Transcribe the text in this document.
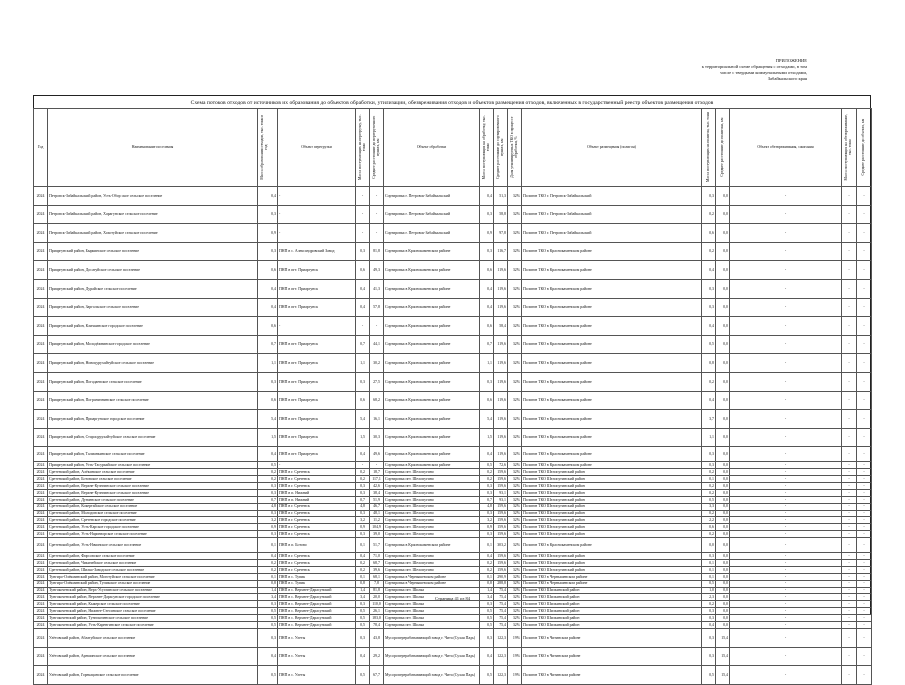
ПРИЛОЖЕНИЕ
к территориальной схеме обращения с отходами, в том
числе с твердыми коммунальными отходами,
Забайкальского края
Схема потоков отходов от источников их образования до объектов обработки, утилизации, обезвреживания отходов и объектов размещения отходов, включенных в государственный реестр объектов размещения отходов
Год	Наименование поселения	Масса образования отходов, тыс. тонн в год	Объект перегрузки	Масса поступающих на перегрузку, тыс. тонн	Среднее расстояние до перегрузочного пункта, км	Объект обработки	Масса поступающих на обработку, тыс. тонн	Среднее расстояние до сортировочного пункта, км	Доля утилизируемых ТКО в процессе обработки, %	Объект размещения (полигон)	Масса поступающих на полигон, тыс. тонн	Среднее расстояние до полигона, км	Объект обезвреживания, сжигания	Масса поступающих на обезвреживание, тыс. тонн	Среднее расстояние до объекта, км

2024	Петровск-Забайкальский район, Усть-Обор ское сельское поселение	0,4	-	-	-	Сортировка г. Петровск-Забайкальский	0,4	51,3	32%	Полигон ТКО г. Петровск-Забайкальский	0,3	0,0	-	-	-
2024	Петровск-Забайкальский район, Харагунское сельское поселение	0,3	-	-	-	Сортировка г. Петровск-Забайкальский	0,3	58,8	32%	Полигон ТКО г. Петровск-Забайкальский	0,2	0,0	-	-	-
2024	Петровск-Забайкальский район, Хохотуйское сельское поселение	0,9	-	-	-	Сортировка г. Петровск-Забайкальский	0,9	97,8	32%	Полигон ТКО г. Петровск-Забайкальский	0,6	0,0	-	-	-
2024	Приаргунский район, Быркинское сельское поселение	0,3	ПНП в с. Александровский Завод	0,3	81,8	Сортировка в Краснокаменском районе	0,3	116,7	32%	Полигон ТКО в Краснокаменском районе	0,2	0,0	-	-	-
2024	Приаргунский район, Досатуйское сельское поселение	0,6	ПНП в пгт. Приаргунск	0,6	49,3	Сортировка в Краснокаменском районе	0,6	119,6	32%	Полигон ТКО в Краснокаменском районе	0,4	0,0	-	-	-
2024	Приаргунский район, Дурайское сельское поселение	0,4	ПНП в пгт. Приаргунск	0,4	41,3	Сортировка в Краснокаменском районе	0,4	119,6	32%	Полигон ТКО в Краснокаменском районе	0,3	0,0	-	-	-
2024	Приаргунский район, Заргольское сельское поселение	0,4	ПНП в пгт. Приаргунск	0,4	57,8	Сортировка в Краснокаменском районе	0,4	119,6	32%	Полигон ТКО в Краснокаменском районе	0,3	0,0	-	-	-
2024	Приаргунский район, Кличкинское городское поселение	0,6	-	-	-	Сортировка в Краснокаменском районе	0,6	58,4	32%	Полигон ТКО в Краснокаменском районе	0,4	0,0	-	-	-
2024	Приаргунский район, Молодёжнинское городское поселение	0,7	ПНП в пгт. Приаргунск	0,7	44,1	Сортировка в Краснокаменском районе	0,7	119,6	32%	Полигон ТКО в Краснокаменском районе	0,5	0,0	-	-	-
2024	Приаргунский район, Новоцурухайтуйское сельское поселение	1,1	ПНП в пгт. Приаргунск	1,1	30,2	Сортировка в Краснокаменском районе	1,1	119,6	32%	Полигон ТКО в Краснокаменском районе	0,8	0,0	-	-	-
2024	Приаргунский район, Погадаевское сельское поселение	0,3	ПНП в пгт. Приаргунск	0,3	27,5	Сортировка в Краснокаменском районе	0,3	119,6	32%	Полигон ТКО в Краснокаменском районе	0,2	0,0	-	-	-
2024	Приаргунский район, Пограничнинское сельское поселение	0,6	ПНП в пгт. Приаргунск	0,6	68,2	Сортировка в Краснокаменском районе	0,6	119,6	32%	Полигон ТКО в Краснокаменском районе	0,4	0,0	-	-	-
2024	Приаргунский район, Приаргунское городское поселение	5,4	ПНП в пгт. Приаргунск	5,4	16,1	Сортировка в Краснокаменском районе	5,4	119,6	32%	Полигон ТКО в Краснокаменском районе	3,7	0,0	-	-	-
2024	Приаргунский район, Староцурухайтуйское сельское поселение	1,5	ПНП в пгт. Приаргунск	1,5	30,3	Сортировка в Краснокаменском районе	1,5	119,6	32%	Полигон ТКО в Краснокаменском районе	1,1	0,0	-	-	-
2024	Приаргунский район, Талманкинское сельское поселение	0,4	ПНП в пгт. Приаргунск	0,4	49,6	Сортировка в Краснокаменском районе	0,4	119,6	32%	Полигон ТКО в Краснокаменском районе	0,3	0,0	-	-	-
2024	Приаргунский район, Усть-Тасуркайское сельское поселение	0,5	-	-	-	Сортировка в Краснокаменском районе	0,5	72,6	32%	Полигон ТКО в Краснокаменском районе	0,3	0,0	-	-	-
2024	Сретенский район, Алёкинское сельское поселение	0,2	ПНП в г. Сретенск	0,2	18,7	Сортировка пгт. Шелопугино	0,2	159,6	32%	Полигон ТКО Шелопугинский район	0,2	0,0	-	-	-
2024	Сретенский район, Ботовское сельское поселение	0,2	ПНП в г. Сретенск	0,2	117,1	Сортировка пгт. Шелопугино	0,2	159,6	32%	Полигон ТКО Шелопугинский район	0,1	0,0	-	-	-
2024	Сретенский район, Верхне-Куэнгинское сельское поселение	0,3	ПНП в г. Сретенск	0,3	42,6	Сортировка пгт. Шелопугино	0,3	159,6	32%	Полигон ТКО Шелопугинский район	0,2	0,0	-	-	-
2024	Сретенский район, Верхне-Куэнгинское сельское поселение	0,3	ПНП в п. Нижний	0,3	38,4	Сортировка пгт. Шелопугино	0,3	93,1	32%	Полигон ТКО Шелопугинский район	0,2	0,0	-	-	-
2024	Сретенский район, Дунаевское сельское поселение	0,7	ПНП в п. Нижний	0,7	51,9	Сортировка пгт. Шелопугино	0,7	93,1	32%	Полигон ТКО Шелопугинский район	0,5	0,0	-	-	-
2024	Сретенский район, Кокертайское сельское поселение	4,8	ПНП в г. Сретенск	4,8	46,7	Сортировка пгт. Шелопугино	4,8	159,6	32%	Полигон ТКО Шелопугинский район	3,3	0,0	-	-	-
2024	Сретенский район, Молодовское сельское поселение	0,3	ПНП в г. Сретенск	0,3	48,1	Сортировка пгт. Шелопугино	0,3	159,6	32%	Полигон ТКО Шелопугинский район	0,2	0,0	-	-	-
2024	Сретенский район, Сретенское городское поселение	3,2	ПНП в г. Сретенск	3,2	11,2	Сортировка пгт. Шелопугино	3,2	159,6	32%	Полигон ТКО Шелопугинский район	2,2	0,0	-	-	-
2024	Сретенский район, Усть-Карское городское поселение	0,9	ПНП в г. Сретенск	0,9	104,9	Сортировка пгт. Шелопугино	0,9	159,6	32%	Полигон ТКО Шелопугинский район	0,6	0,0	-	-	-
2024	Сретенский район, Усть-Наринзорское сельское поселение	0,3	ПНП в г. Сретенск	0,3	39,0	Сортировка пгт. Шелопугино	0,3	159,6	32%	Полигон ТКО Шелопугинский район	0,2	0,0	-	-	-
2024	Сретенский район, Усть-Начинское сельское поселение	0,1	ПНП в п. Ботово	0,1	51,7	Сортировка в Краснокаменском районе	0,1	303,2	32%	Полигон ТКО в Краснокаменском районе	0,0	0,0	-	-	-
2024	Сретенский район, Фирсовское сельское поселение	0,4	ПНП в г. Сретенск	0,4	71,0	Сортировка пгт. Шелопугино	0,4	159,6	32%	Полигон ТКО Шелопугинский район	0,3	0,0	-	-	-
2024	Сретенский район, Чикичейское сельское поселение	0,2	ПНП в г. Сретенск	0,2	68,7	Сортировка пгт. Шелопугино	0,2	159,6	32%	Полигон ТКО Шелопугинский район	0,1	0,0	-	-	-
2024	Сретенский район, Шилко-Заводское сельское поселение	0,2	ПНП в г. Сретенск	0,2	39,6	Сортировка пгт. Шелопугино	0,2	159,6	32%	Полигон ТКО Шелопугинский район	0,1	0,0	-	-	-
2024	Тунгиро-Олёкминский район, Моготуйское сельское поселение	0,1	ПНП в с. Тупик	0,1	68,1	Сортировка в Чернышевском районе	0,1	290,9	32%	Полигон ТКО в Чернышевском районе	0,1	0,0	-	-	-
2024	Тунгиро-Олёкминский район, Тупикское сельское поселение	0,8	ПНП в с. Тупик	0,8	7,8	Сортировка в Чернышевском районе	0,8	288,8	32%	Полигон ТКО в Чернышевском районе	0,5	0,0	-	-	-
2024	Тунгокоченский район, Верх-Усуглинское сельское поселение	1,4	ПНП в с. Верхнее-Дарасунский	1,4	81,8	Сортировка пгт. Шилка	1,4	75,4	32%	Полигон ТКО Шилкинский район	1,0	0,0	-	-	-
2024	Тунгокоченский район, Верхнее-Дарасунское городское поселение	3,4	ПНП в с. Верхнее-Дарасунский	3,4	20,0	Сортировка пгт. Шилка	3,4	75,4	32%	Полигон ТКО Шилкинский район	2,3	0,0	-	-	-
2024	Тунгокоченский район, Кыкерское сельское поселение	0,3	ПНП в с. Верхнее-Дарасунский	0,3	110,0	Сортировка пгт. Шилка	0,3	75,4	32%	Полигон ТКО Шилкинский район	0,2	0,0	-	-	-
2024	Тунгокоченский район, Нижнее-Стесинское сельское поселение	0,5	ПНП в с. Верхнее-Дарасунский	0,5	26,1	Сортировка пгт. Шилка	0,5	75,4	32%	Полигон ТКО Шилкинский район	0,3	0,0	-	-	-
2024	Тунгокоченский район, Тунгокоченское сельское поселение	0,5	ПНП в с. Верхнее-Дарасунский	0,5	183,0	Сортировка пгт. Шилка	0,5	75,4	32%	Полигон ТКО Шилкинский район	0,3	0,0	-	-	-
2024	Тунгокоченский район, Усть-Каренгинское сельское поселение	0,5	ПНП в с. Верхнее-Дарасунский	0,5	78,4	Сортировка пгт. Шилка	0,5	75,4	32%	Полигон ТКО Шилкинский район	0,4	0,0	-	-	-
2024	Улётовский район, Аблатуйское сельское поселение	0,3	ПНП в с. Улеты	0,3	43,8	Мусороперерабатывающий завод г. Чита (Сухая Падь)	0,3	122,3	19%	Полигон ТКО в Читинском районе	0,3	15,4	-	-	-
2024	Улётовский район, Арешинское сельское поселение	0,4	ПНП в с. Улеты	0,4	29,2	Мусороперерабатывающий завод г. Чита (Сухая Падь)	0,4	122,3	19%	Полигон ТКО в Читинском районе	0,3	15,4	-	-	-
2024	Улётовский район, Горекацанское сельское поселение	0,5	ПНП в с. Улеты	0,5	67,7	Мусороперерабатывающий завод г. Чита (Сухая Падь)	0,5	122,3	19%	Полигон ТКО в Читинском районе	0,5	15,4	-	-	-
Страница 41 из 84
